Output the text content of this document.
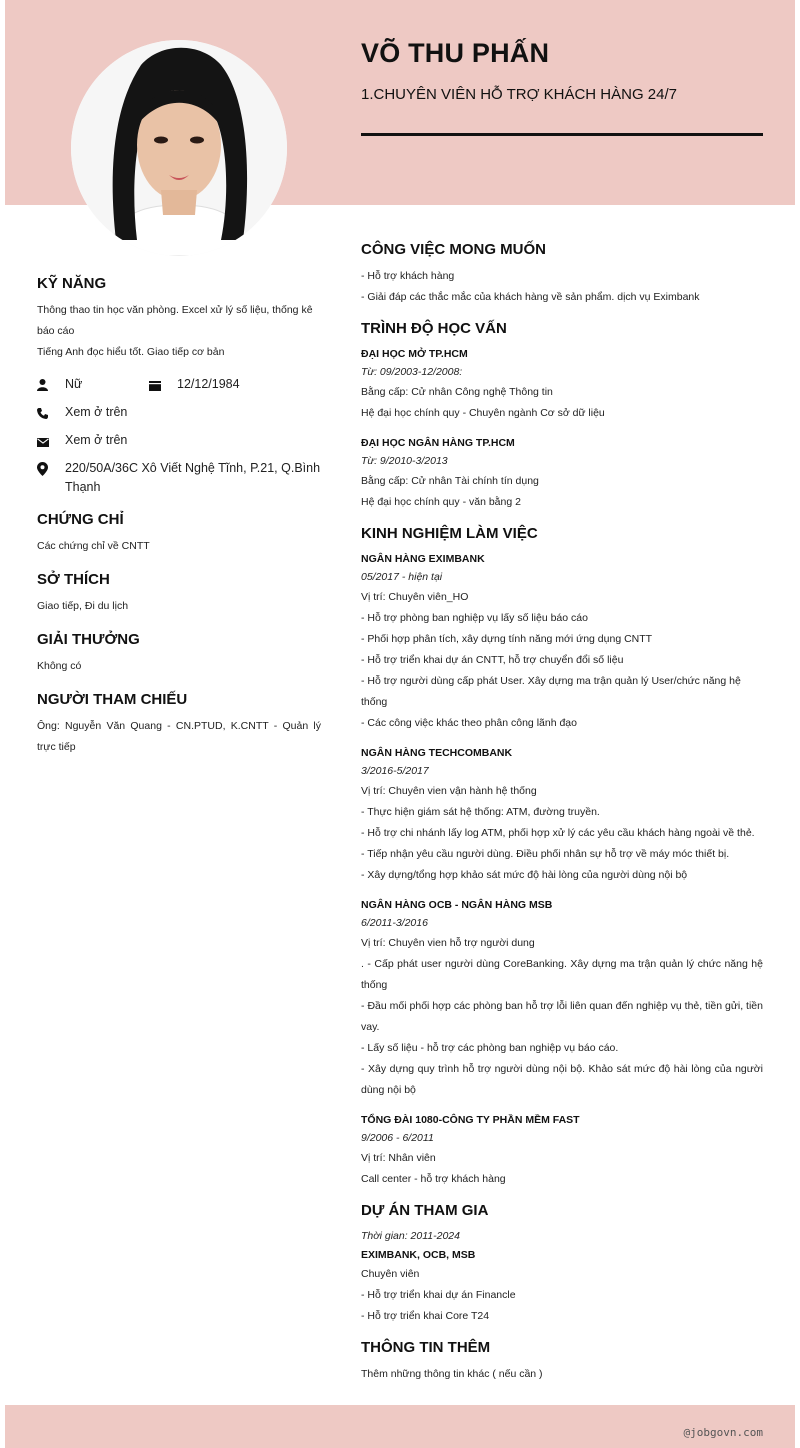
VÕ THU PHẤN
1.CHUYÊN VIÊN HỖ TRỢ KHÁCH HÀNG 24/7
KỸ NĂNG
Thông thao tin học văn phòng. Excel xử lý số liệu, thống kê báo cáo
Tiếng Anh đọc hiểu tốt. Giao tiếp cơ bản
Nữ	12/12/1984
Xem ở trên
Xem ở trên
220/50A/36C Xô Viết Nghệ Tĩnh, P.21, Q.Bình Thạnh
CHỨNG CHỈ
Các chứng chỉ về CNTT
SỞ THÍCH
Giao tiếp, Đi du lịch
GIẢI THƯỞNG
Không có
NGƯỜI THAM CHIẾU
Ông: Nguyễn Văn Quang - CN.PTUD, K.CNTT - Quản lý trực tiếp
CÔNG VIỆC MONG MUỐN
- Hỗ trợ khách hàng
- Giải đáp các thắc mắc của khách hàng về sản phẩm. dịch vụ Eximbank
TRÌNH ĐỘ HỌC VẤN
ĐẠI HỌC MỞ TP.HCM
Từ: 09/2003-12/2008:
Bằng cấp: Cử nhân Công nghệ Thông tin
Hệ đại học chính quy - Chuyên ngành Cơ sở dữ liệu
ĐẠI HỌC NGÂN HÀNG TP.HCM
Từ: 9/2010-3/2013
Bằng cấp: Cử nhân Tài chính tín dụng
Hệ đại học chính quy - văn bằng 2
KINH NGHIỆM LÀM VIỆC
NGÂN HÀNG EXIMBANK
05/2017 - hiện tại
Vị trí: Chuyên viên_HO
- Hỗ trợ phòng ban nghiệp vụ lấy số liệu báo cáo
- Phối hợp phân tích, xây dựng tính năng mới ứng dụng CNTT
- Hỗ trợ triển khai dự án CNTT, hỗ trợ chuyển đổi số liệu
- Hỗ trợ người dùng cấp phát User. Xây dựng ma trận quản lý User/chức năng hệ thống
- Các công việc khác theo phân công lãnh đạo
NGÂN HÀNG TECHCOMBANK
3/2016-5/2017
Vị trí: Chuyên vien vận hành hệ thống
- Thực hiện giám sát hệ thống: ATM, đường truyền.
- Hỗ trợ chi nhánh lấy log ATM, phối hợp xử lý các yêu cầu khách hàng ngoài về thẻ.
- Tiếp nhận yêu cầu người dùng. Điều phối nhân sự hỗ trợ về máy móc thiết bị.
- Xây dựng/tổng hợp khảo sát mức độ hài lòng của người dùng nội bộ
NGÂN HÀNG OCB - NGÂN HÀNG MSB
6/2011-3/2016
Vị trí: Chuyên vien hỗ trợ người dung
. - Cấp phát user người dùng CoreBanking. Xây dựng ma trận quản lý chức năng hệ thống
- Đầu mối phối hợp các phòng ban hỗ trợ lỗi liên quan đến nghiệp vụ thẻ, tiền gửi, tiền vay.
- Lấy số liệu - hỗ trợ các phòng ban nghiệp vụ báo cáo.
- Xây dựng quy trình hỗ trợ người dùng nội bộ. Khảo sát mức độ hài lòng của người dùng nội bộ
TỔNG ĐÀI 1080-CÔNG TY PHẦN MỀM FAST
9/2006 - 6/2011
Vị trí: Nhân viên
Call center - hỗ trợ khách hàng
DỰ ÁN THAM GIA
Thời gian: 2011-2024
EXIMBANK, OCB, MSB
Chuyên viên
- Hỗ trợ triển khai dự án Financle
- Hỗ trợ triển khai Core T24
THÔNG TIN THÊM
Thêm những thông tin khác ( nếu cần )
@jobgovn.com
